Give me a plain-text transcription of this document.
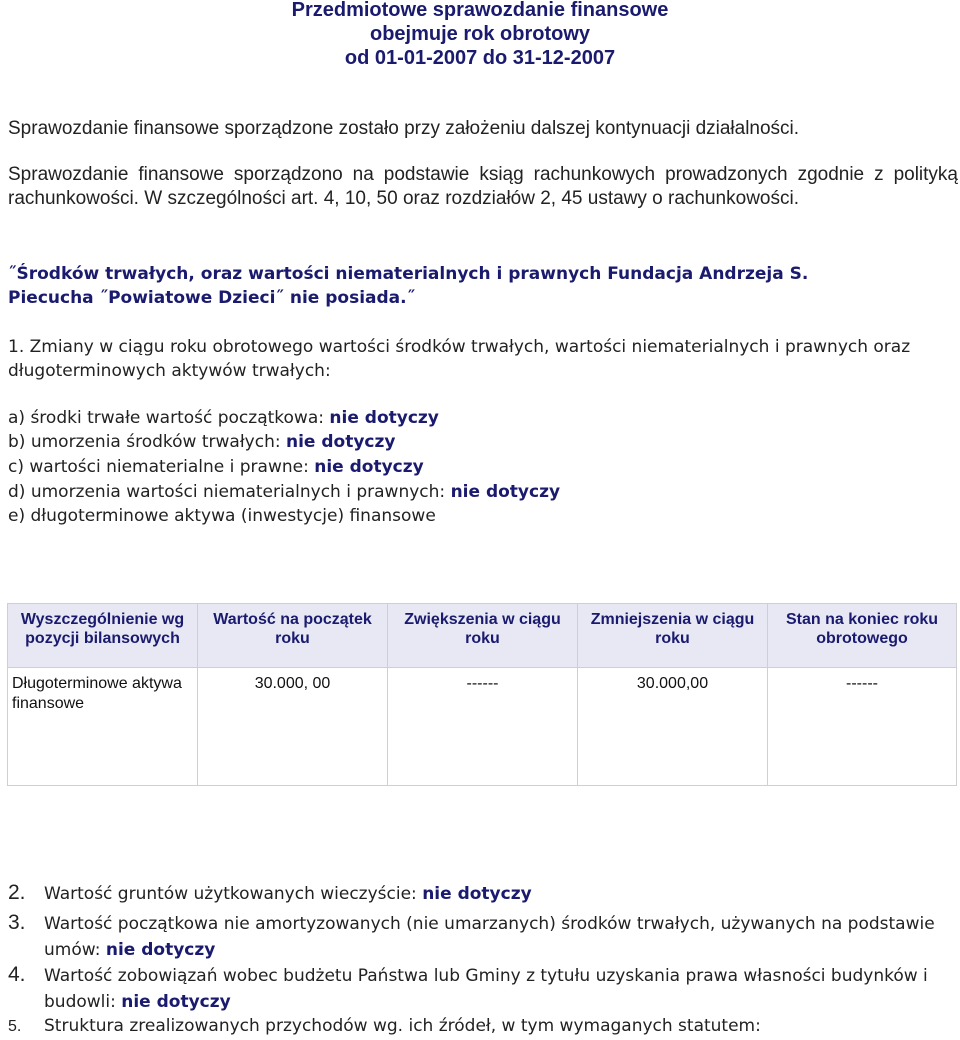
Przedmiotowe sprawozdanie finansowe
obejmuje rok obrotowy
od 01-01-2007 do 31-12-2007
Sprawozdanie finansowe sporządzone zostało przy założeniu dalszej kontynuacji działalności.
Sprawozdanie finansowe sporządzono na podstawie ksiąg rachunkowych prowadzonych zgodnie z polityką rachunkowości. W szczególności art. 4, 10, 50 oraz rozdziałów 2, 45 ustawy o rachunkowości.
˝Środków trwałych, oraz wartości niematerialnych i prawnych Fundacja Andrzeja S.
Piecucha ˝Powiatowe Dzieci˝ nie posiada.˝
1. Zmiany w ciągu roku obrotowego wartości środków trwałych, wartości niematerialnych i prawnych oraz długoterminowych aktywów trwałych:
a) środki trwałe wartość początkowa: nie dotyczy
b) umorzenia środków trwałych: nie dotyczy
c) wartości niematerialne i prawne: nie dotyczy
d) umorzenia wartości niematerialnych i prawnych: nie dotyczy
e) długoterminowe aktywa (inwestycje) finansowe
Wyszczególnienie wg pozycji bilansowych	Wartość na początek roku	Zwiększenia w ciągu roku	Zmniejszenia w ciągu roku	Stan na koniec roku obrotowego
Długoterminowe aktywa finansowe	30.000, 00	------	30.000,00	------
2. Wartość gruntów użytkowanych wieczyście: nie dotyczy
3. Wartość początkowa nie amortyzowanych (nie umarzanych) środków trwałych, używanych na podstawie umów: nie dotyczy
4. Wartość zobowiązań wobec budżetu Państwa lub Gminy z tytułu uzyskania prawa własności budynków i budowli: nie dotyczy
5. Struktura zrealizowanych przychodów wg. ich źródeł, w tym wymaganych statutem:
